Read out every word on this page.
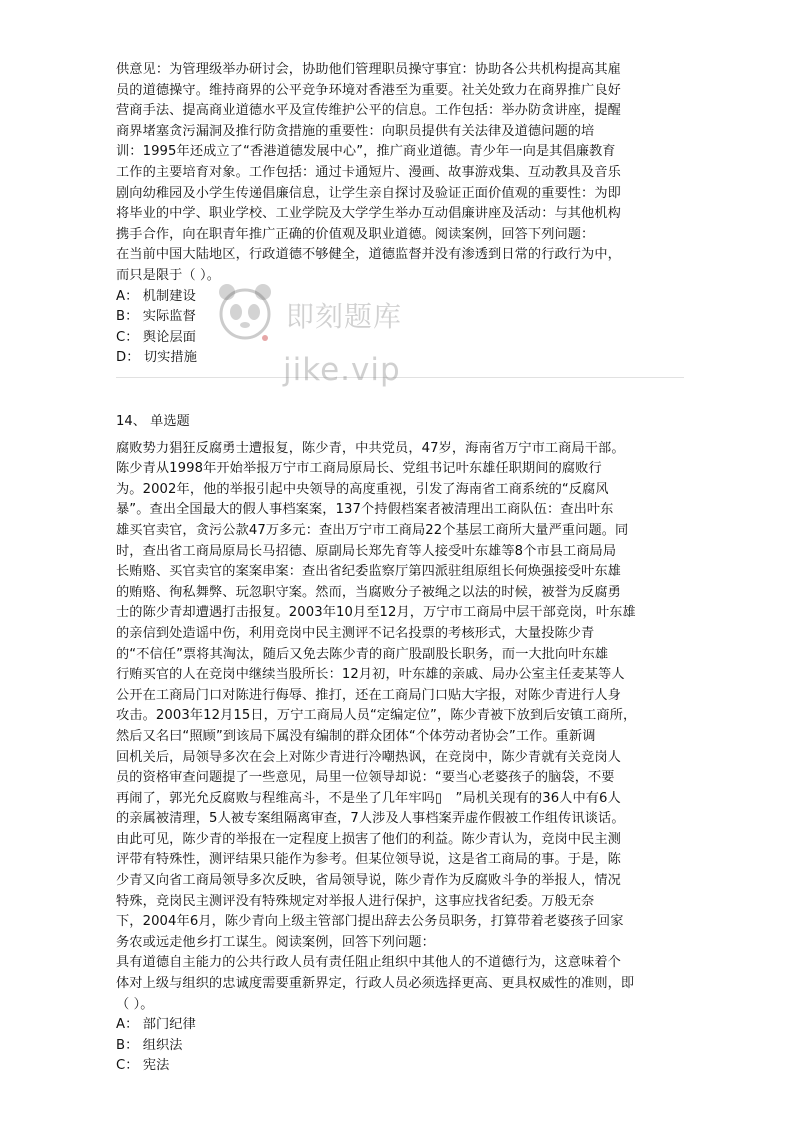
供意见：为管理级举办研讨会，协助他们管理职员操守事宜：协助各公共机构提高其雇
员的道德操守。维持商界的公平竞争环境对香港至为重要。社关处致力在商界推广良好
营商手法、提高商业道德水平及宣传维护公平的信息。工作包括：举办防贪讲座，提醒
商界堵塞贪污漏洞及推行防贪措施的重要性：向职员提供有关法律及道德问题的培
训：1995年还成立了“香港道德发展中心”，推广商业道德。青少年一向是其倡廉教育
工作的主要培育对象。工作包括：通过卡通短片、漫画、故事游戏集、互动教具及音乐
剧向幼稚园及小学生传递倡廉信息，让学生亲自探讨及验证正面价值观的重要性：为即
将毕业的中学、职业学校、工业学院及大学学生举办互动倡廉讲座及活动：与其他机构
携手合作，向在职青年推广正确的价值观及职业道德。阅读案例，回答下列问题：
在当前中国大陆地区，行政道德不够健全，道德监督并没有渗透到日常的行政行为中，
而只是限于（ ）。
A： 机制建设
B： 实际监督
C： 舆论层面
D： 切实措施
14、 单选题
腐败势力猖狂反腐勇士遭报复，陈少青，中共党员，47岁，海南省万宁市工商局干部。
陈少青从1998年开始举报万宁市工商局原局长、党组书记叶东雄任职期间的腐败行
为。2002年，他的举报引起中央领导的高度重视，引发了海南省工商系统的“反腐风
暴”。查出全国最大的假人事档案案，137个持假档案者被清理出工商队伍：查出叶东
雄买官卖官，贪污公款47万多元：查出万宁市工商局22个基层工商所大量严重问题。同
时，查出省工商局原局长马招德、原副局长郑先育等人接受叶东雄等8个市县工商局局
长贿赂、买官卖官的案案串案：查出省纪委监察厅第四派驻组原组长何焕强接受叶东雄
的贿赂、徇私舞弊、玩忽职守案。然而，当腐败分子被绳之以法的时候，被誉为反腐勇
士的陈少青却遭遇打击报复。2003年10月至12月，万宁市工商局中层干部竞岗，叶东雄
的亲信到处造谣中伤，利用竞岗中民主测评不记名投票的考核形式，大量投陈少青
的“不信任”票将其淘汰，随后又免去陈少青的商广股副股长职务，而一大批向叶东雄
行贿买官的人在竞岗中继续当股所长：12月初，叶东雄的亲戚、局办公室主任麦某等人
公开在工商局门口对陈进行侮辱、推打，还在工商局门口贴大字报，对陈少青进行人身
攻击。2003年12月15日，万宁工商局人员“定编定位”，陈少青被下放到后安镇工商所，
然后又名曰“照顾”到该局下属没有编制的群众团体“个体劳动者协会”工作。重新调
回机关后，局领导多次在会上对陈少青进行冷嘲热讽，在竞岗中，陈少青就有关竞岗人
员的资格审查问题提了一些意见，局里一位领导却说：“要当心老婆孩子的脑袋，不要
再闹了，郭光允反腐败与程维高斗，不是坐了几年牢吗▯　”局机关现有的36人中有6人
的亲属被清理，5人被专案组隔离审查，7人涉及人事档案弄虚作假被工作组传讯谈话。
由此可见，陈少青的举报在一定程度上损害了他们的利益。陈少青认为，竞岗中民主测
评带有特殊性，测评结果只能作为参考。但某位领导说，这是省工商局的事。于是，陈
少青又向省工商局领导多次反映，省局领导说，陈少青作为反腐败斗争的举报人，情况
特殊，竞岗民主测评没有特殊规定对举报人进行保护，这事应找省纪委。万般无奈
下，2004年6月，陈少青向上级主管部门提出辞去公务员职务，打算带着老婆孩子回家
务农或远走他乡打工谋生。阅读案例，回答下列问题：
具有道德自主能力的公共行政人员有责任阻止组织中其他人的不道德行为，这意味着个
体对上级与组织的忠诚度需要重新界定，行政人员必须选择更高、更具权威性的准则，即
（ ）。
A： 部门纪律
B： 组织法
C： 宪法
即刻题库
jike.vip
